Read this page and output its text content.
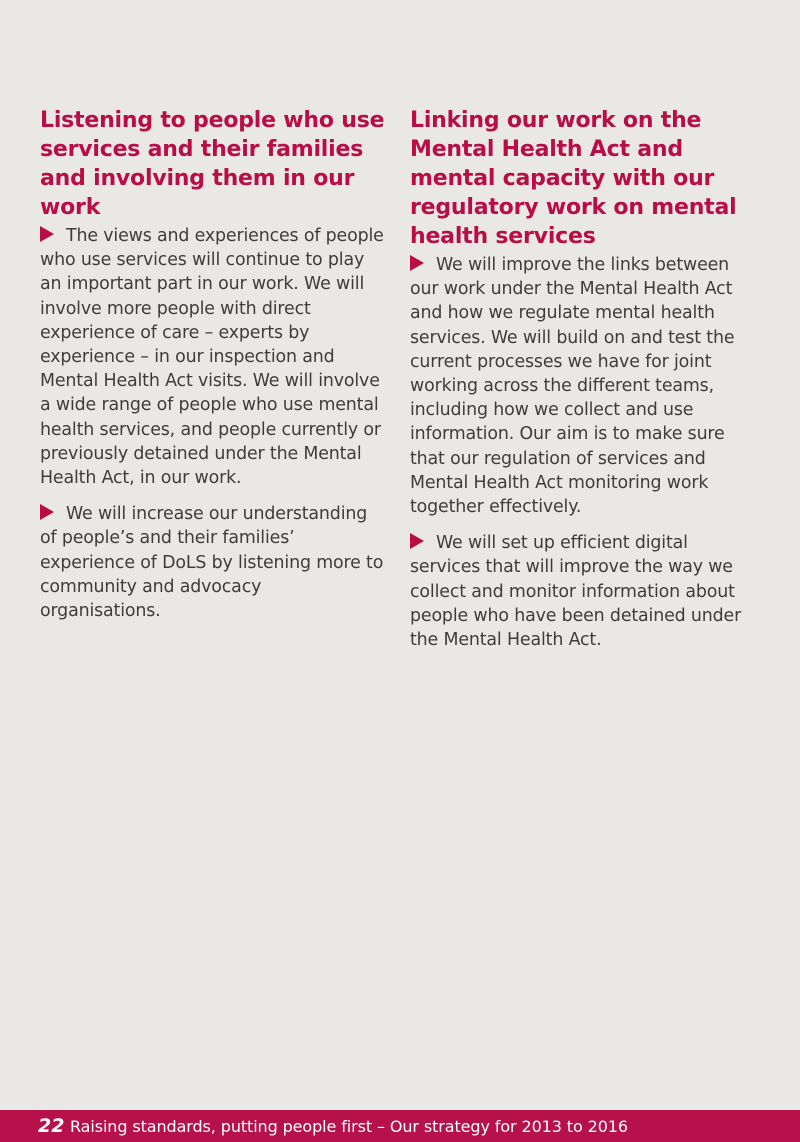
Listening to people who use services and their families and involving them in our work

The views and experiences of people who use services will continue to play an important part in our work. We will involve more people with direct experience of care – experts by experience – in our inspection and Mental Health Act visits. We will involve a wide range of people who use mental health services, and people currently or previously detained under the Mental Health Act, in our work.

We will increase our understanding of people’s and their families’ experience of DoLS by listening more to community and advocacy organisations.

Linking our work on the Mental Health Act and mental capacity with our regulatory work on mental health services

We will improve the links between our work under the Mental Health Act and how we regulate mental health services. We will build on and test the current processes we have for joint working across the different teams, including how we collect and use information. Our aim is to make sure that our regulation of services and Mental Health Act monitoring work together effectively.

We will set up efficient digital services that will improve the way we collect and monitor information about people who have been detained under the Mental Health Act.

22 Raising standards, putting people first – Our strategy for 2013 to 2016
